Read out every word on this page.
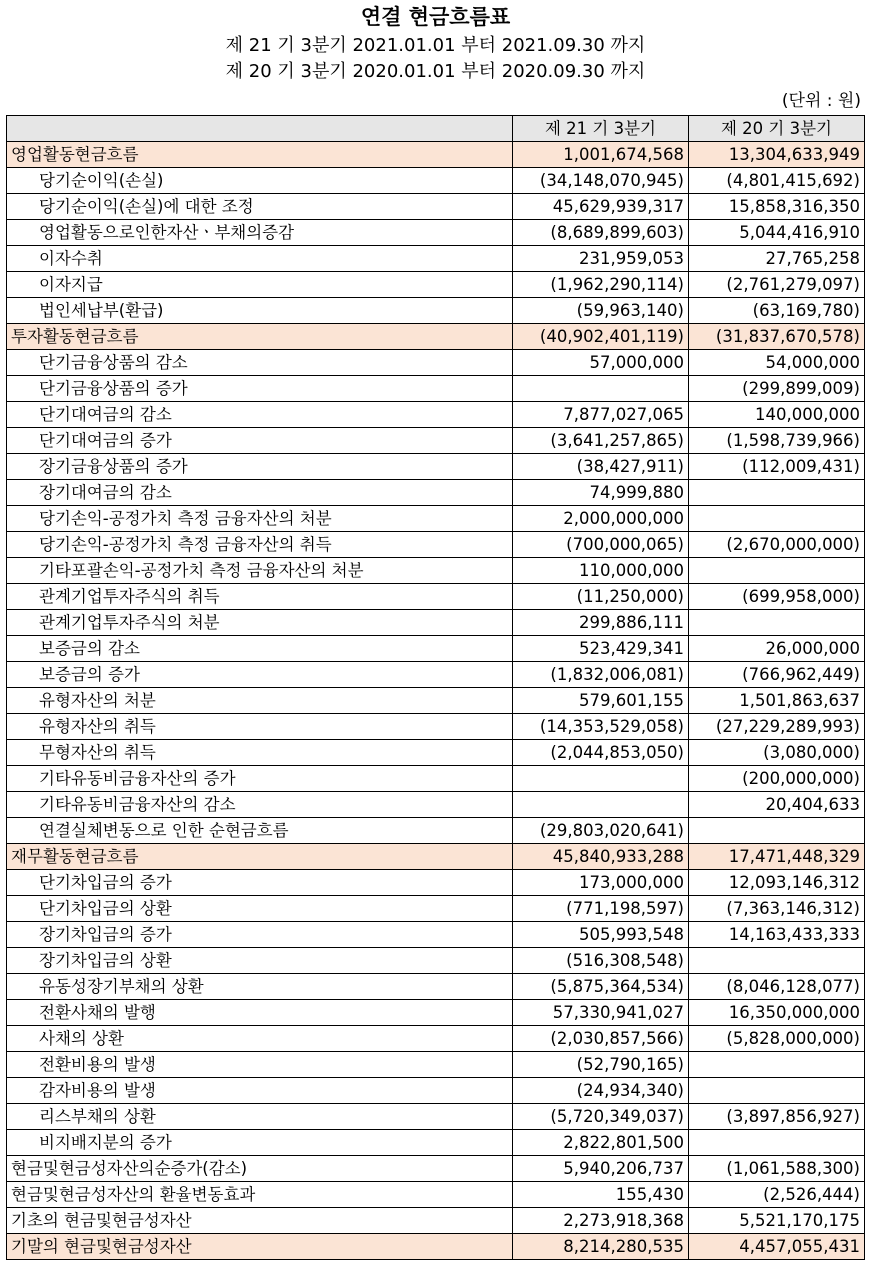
연결 현금흐름표
제 21 기 3분기 2021.01.01 부터 2021.09.30 까지
제 20 기 3분기 2020.01.01 부터 2020.09.30 까지
(단위 : 원)
	제 21 기 3분기	제 20 기 3분기
영업활동현금흐름	1,001,674,568	13,304,633,949
당기순이익(손실)	(34,148,070,945)	(4,801,415,692)
당기순이익(손실)에 대한 조정	45,629,939,317	15,858,316,350
영업활동으로인한자산ㆍ부채의증감	(8,689,899,603)	5,044,416,910
이자수취	231,959,053	27,765,258
이자지급	(1,962,290,114)	(2,761,279,097)
법인세납부(환급)	(59,963,140)	(63,169,780)
투자활동현금흐름	(40,902,401,119)	(31,837,670,578)
단기금융상품의 감소	57,000,000	54,000,000
단기금융상품의 증가		(299,899,009)
단기대여금의 감소	7,877,027,065	140,000,000
단기대여금의 증가	(3,641,257,865)	(1,598,739,966)
장기금융상품의 증가	(38,427,911)	(112,009,431)
장기대여금의 감소	74,999,880	
당기손익-공정가치 측정 금융자산의 처분	2,000,000,000	
당기손익-공정가치 측정 금융자산의 취득	(700,000,065)	(2,670,000,000)
기타포괄손익-공정가치 측정 금융자산의 처분	110,000,000	
관계기업투자주식의 취득	(11,250,000)	(699,958,000)
관계기업투자주식의 처분	299,886,111	
보증금의 감소	523,429,341	26,000,000
보증금의 증가	(1,832,006,081)	(766,962,449)
유형자산의 처분	579,601,155	1,501,863,637
유형자산의 취득	(14,353,529,058)	(27,229,289,993)
무형자산의 취득	(2,044,853,050)	(3,080,000)
기타유동비금융자산의 증가		(200,000,000)
기타유동비금융자산의 감소		20,404,633
연결실체변동으로 인한 순현금흐름	(29,803,020,641)	
재무활동현금흐름	45,840,933,288	17,471,448,329
단기차입금의 증가	173,000,000	12,093,146,312
단기차입금의 상환	(771,198,597)	(7,363,146,312)
장기차입금의 증가	505,993,548	14,163,433,333
장기차입금의 상환	(516,308,548)	
유동성장기부채의 상환	(5,875,364,534)	(8,046,128,077)
전환사채의 발행	57,330,941,027	16,350,000,000
사채의 상환	(2,030,857,566)	(5,828,000,000)
전환비용의 발생	(52,790,165)	
감자비용의 발생	(24,934,340)	
리스부채의 상환	(5,720,349,037)	(3,897,856,927)
비지배지분의 증가	2,822,801,500	
현금및현금성자산의순증가(감소)	5,940,206,737	(1,061,588,300)
현금및현금성자산의 환율변동효과	155,430	(2,526,444)
기초의 현금및현금성자산	2,273,918,368	5,521,170,175
기말의 현금및현금성자산	8,214,280,535	4,457,055,431
